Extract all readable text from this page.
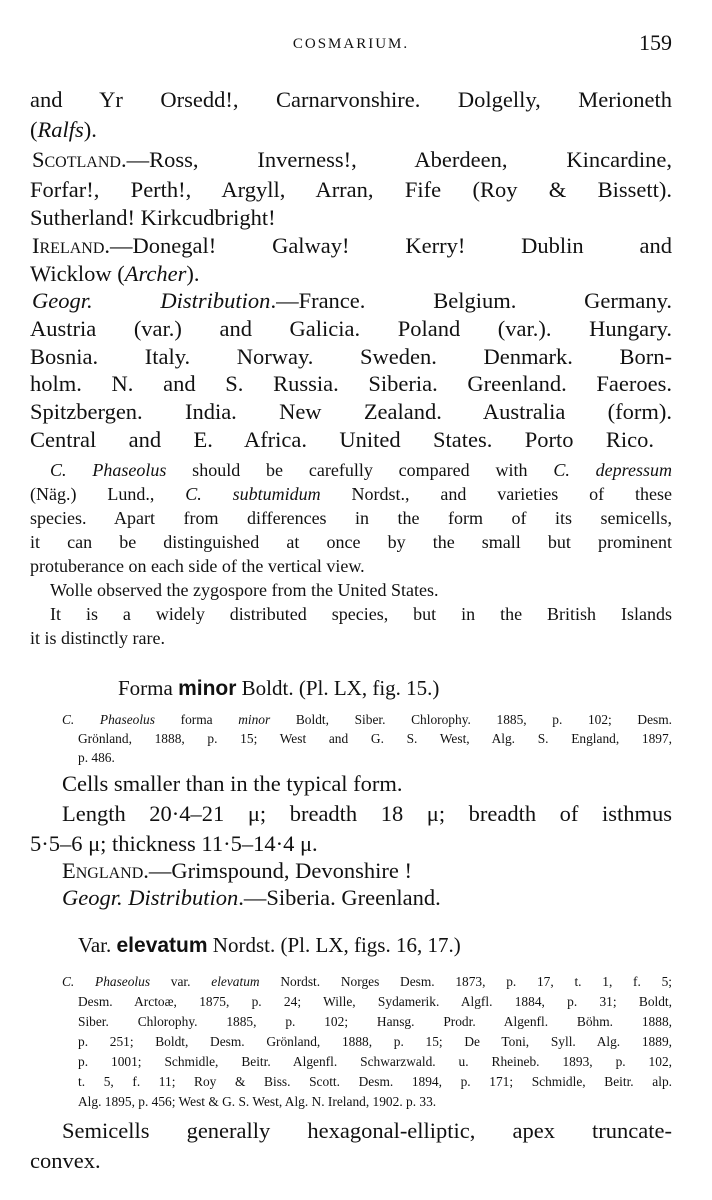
COSMARIUM.	159
and Yr Orsedd!, Carnarvonshire. Dolgelly, Merioneth
(Ralfs).
Scotland.—Ross, Inverness!, Aberdeen, Kincardine,
Forfar!, Perth!, Argyll, Arran, Fife (Roy & Bissett).
Sutherland! Kirkcudbright!
Ireland.—Donegal! Galway! Kerry! Dublin and
Wicklow (Archer).
Geogr. Distribution.—France. Belgium. Germany.
Austria (var.) and Galicia. Poland (var.). Hungary.
Bosnia. Italy. Norway. Sweden. Denmark. Born-
holm. N. and S. Russia. Siberia. Greenland. Faeroes.
Spitzbergen. India. New Zealand. Australia (form).
Central and E. Africa. United States. Porto Rico.
C. Phaseolus should be carefully compared with C. depressum
(Näg.) Lund., C. subtumidum Nordst., and varieties of these
species. Apart from differences in the form of its semicells,
it can be distinguished at once by the small but prominent
protuberance on each side of the vertical view.
Wolle observed the zygospore from the United States.
It is a widely distributed species, but in the British Islands
it is distinctly rare.
Forma minor Boldt. (Pl. LX, fig. 15.)
C. Phaseolus forma minor Boldt, Siber. Chlorophy. 1885, p. 102; Desm.
Grönland, 1888, p. 15; West and G. S. West, Alg. S. England, 1897,
p. 486.
Cells smaller than in the typical form.
Length 20·4–21 μ; breadth 18 μ; breadth of isthmus
5·5–6 μ; thickness 11·5–14·4 μ.
England.—Grimspound, Devonshire !
Geogr. Distribution.—Siberia. Greenland.
Var. elevatum Nordst. (Pl. LX, figs. 16, 17.)
C. Phaseolus var. elevatum Nordst. Norges Desm. 1873, p. 17, t. 1, f. 5;
Desm. Arctoæ, 1875, p. 24; Wille, Sydamerik. Algfl. 1884, p. 31; Boldt,
Siber. Chlorophy. 1885, p. 102; Hansg. Prodr. Algenfl. Böhm. 1888,
p. 251; Boldt, Desm. Grönland, 1888, p. 15; De Toni, Syll. Alg. 1889,
p. 1001; Schmidle, Beitr. Algenfl. Schwarzwald. u. Rheineb. 1893, p. 102,
t. 5, f. 11; Roy & Biss. Scott. Desm. 1894, p. 171; Schmidle, Beitr. alp.
Alg. 1895, p. 456; West & G. S. West, Alg. N. Ireland, 1902. p. 33.
Semicells generally hexagonal-elliptic, apex truncate-
convex.
